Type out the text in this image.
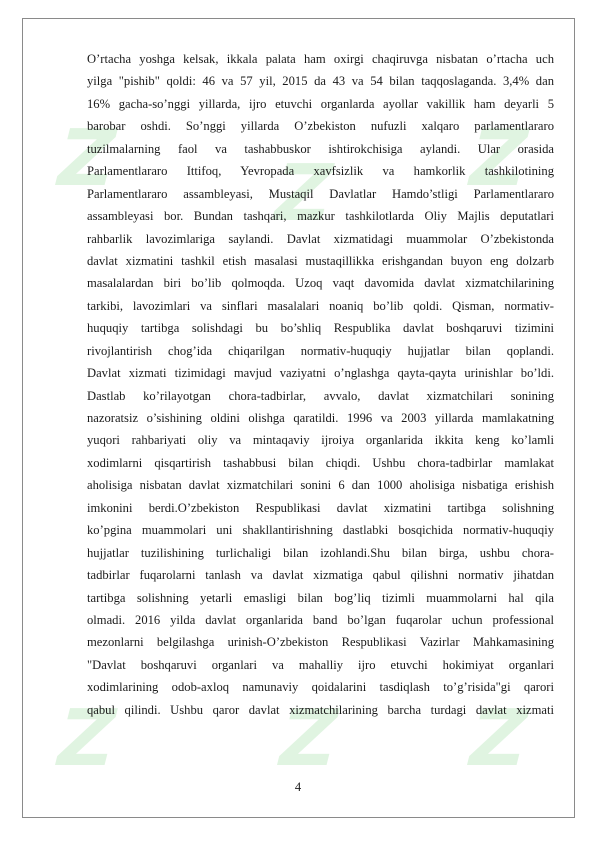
Z Z Z
Z Z Z
O’rtacha yoshga kelsak, ikkala palata ham oxirgi chaqiruvga nisbatan o’rtacha uch
yilga "pishib" qoldi: 46 va 57 yil, 2015 da 43 va 54 bilan taqqoslaganda. 3,4% dan
16% gacha-so’nggi yillarda, ijro etuvchi organlarda ayollar vakillik ham deyarli 5
barobar oshdi. So’nggi yillarda O’zbekiston nufuzli xalqaro parlamentlararo
tuzilmalarning faol va tashabbuskor ishtirokchisiga aylandi. Ular orasida
Parlamentlararo Ittifoq, Yevropada xavfsizlik va hamkorlik tashkilotining
Parlamentlararo assambleyasi, Mustaqil Davlatlar Hamdo’stligi Parlamentlararo
assambleyasi bor. Bundan tashqari, mazkur tashkilotlarda Oliy Majlis deputatlari
rahbarlik lavozimlariga saylandi. Davlat xizmatidagi muammolar O’zbekistonda
davlat xizmatini tashkil etish masalasi mustaqillikka erishgandan buyon eng dolzarb
masalalardan biri bo’lib qolmoqda. Uzoq vaqt davomida davlat xizmatchilarining
tarkibi, lavozimlari va sinflari masalalari noaniq bo’lib qoldi. Qisman, normativ-
huquqiy tartibga solishdagi bu bo’shliq Respublika davlat boshqaruvi tizimini
rivojlantirish chog’ida chiqarilgan normativ-huquqiy hujjatlar bilan qoplandi.
Davlat xizmati tizimidagi mavjud vaziyatni o’nglashga qayta-qayta urinishlar bo’ldi.
Dastlab ko’rilayotgan chora-tadbirlar, avvalo, davlat xizmatchilari sonining
nazoratsiz o’sishining oldini olishga qaratildi. 1996 va 2003 yillarda mamlakatning
yuqori rahbariyati oliy va mintaqaviy ijroiya organlarida ikkita keng ko’lamli
xodimlarni qisqartirish tashabbusi bilan chiqdi. Ushbu chora-tadbirlar mamlakat
aholisiga nisbatan davlat xizmatchilari sonini 6 dan 1000 aholisiga nisbatiga erishish
imkonini berdi.O’zbekiston Respublikasi davlat xizmatini tartibga solishning
ko’pgina muammolari uni shakllantirishning dastlabki bosqichida normativ-huquqiy
hujjatlar tuzilishining turlichaligi bilan izohlandi.Shu bilan birga, ushbu chora-
tadbirlar fuqarolarni tanlash va davlat xizmatiga qabul qilishni normativ jihatdan
tartibga solishning yetarli emasligi bilan bog’liq tizimli muammolarni hal qila
olmadi. 2016 yilda davlat organlarida band bo’lgan fuqarolar uchun professional
mezonlarni belgilashga urinish-O’zbekiston Respublikasi Vazirlar Mahkamasining
"Davlat boshqaruvi organlari va mahalliy ijro etuvchi hokimiyat organlari
xodimlarining odob-axloq namunaviy qoidalarini tasdiqlash to’g’risida"gi qarori
qabul qilindi. Ushbu qaror davlat xizmatchilarining barcha turdagi davlat xizmati
4
